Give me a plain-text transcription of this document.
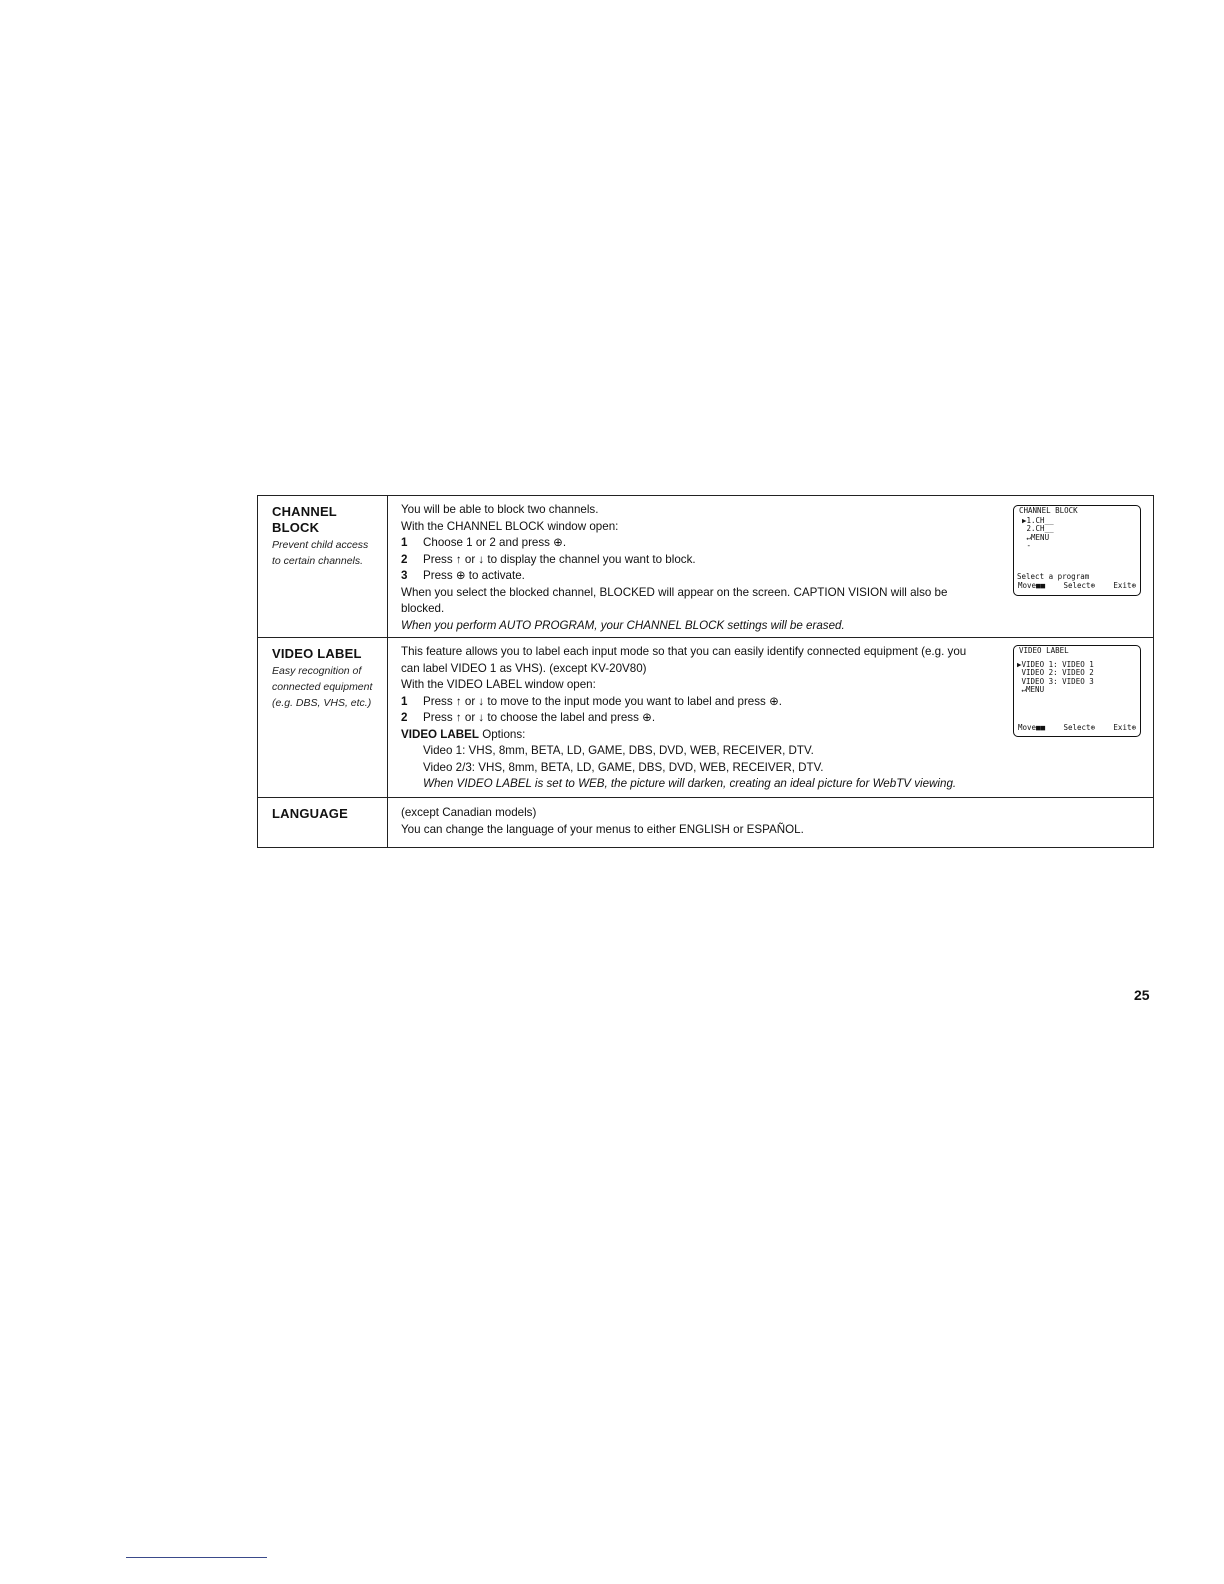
CHANNEL
BLOCK
Prevent child access
to certain channels.
You will be able to block two channels.
With the CHANNEL BLOCK window open:
1 Choose 1 or 2 and press ⊕.
2 Press ↑ or ↓ to display the channel you want to block.
3 Press ⊕ to activate.
When you select the blocked channel, BLOCKED will appear on the screen. CAPTION VISION will also be
blocked.
When you perform AUTO PROGRAM, your CHANNEL BLOCK settings will be erased.
CHANNEL BLOCK
▶1.CH__
2.CH__
↵MENU
-
Select a program
Move■■ Select⊕ Exit⊕
VIDEO LABEL
Easy recognition of
connected equipment
(e.g. DBS, VHS, etc.)
This feature allows you to label each input mode so that you can easily identify connected equipment (e.g. you
can label VIDEO 1 as VHS). (except KV-20V80)
With the VIDEO LABEL window open:
1 Press ↑ or ↓ to move to the input mode you want to label and press ⊕.
2 Press ↑ or ↓ to choose the label and press ⊕.
VIDEO LABEL Options:
Video 1: VHS, 8mm, BETA, LD, GAME, DBS, DVD, WEB, RECEIVER, DTV.
Video 2/3: VHS, 8mm, BETA, LD, GAME, DBS, DVD, WEB, RECEIVER, DTV.
When VIDEO LABEL is set to WEB, the picture will darken, creating an ideal picture for WebTV viewing.
VIDEO LABEL
▶VIDEO 1: VIDEO 1
VIDEO 2: VIDEO 2
VIDEO 3: VIDEO 3
↵MENU
Move■■ Select⊕ Exit⊕
LANGUAGE	(except Canadian models)
You can change the language of your menus to either ENGLISH or ESPAÑOL.
25
